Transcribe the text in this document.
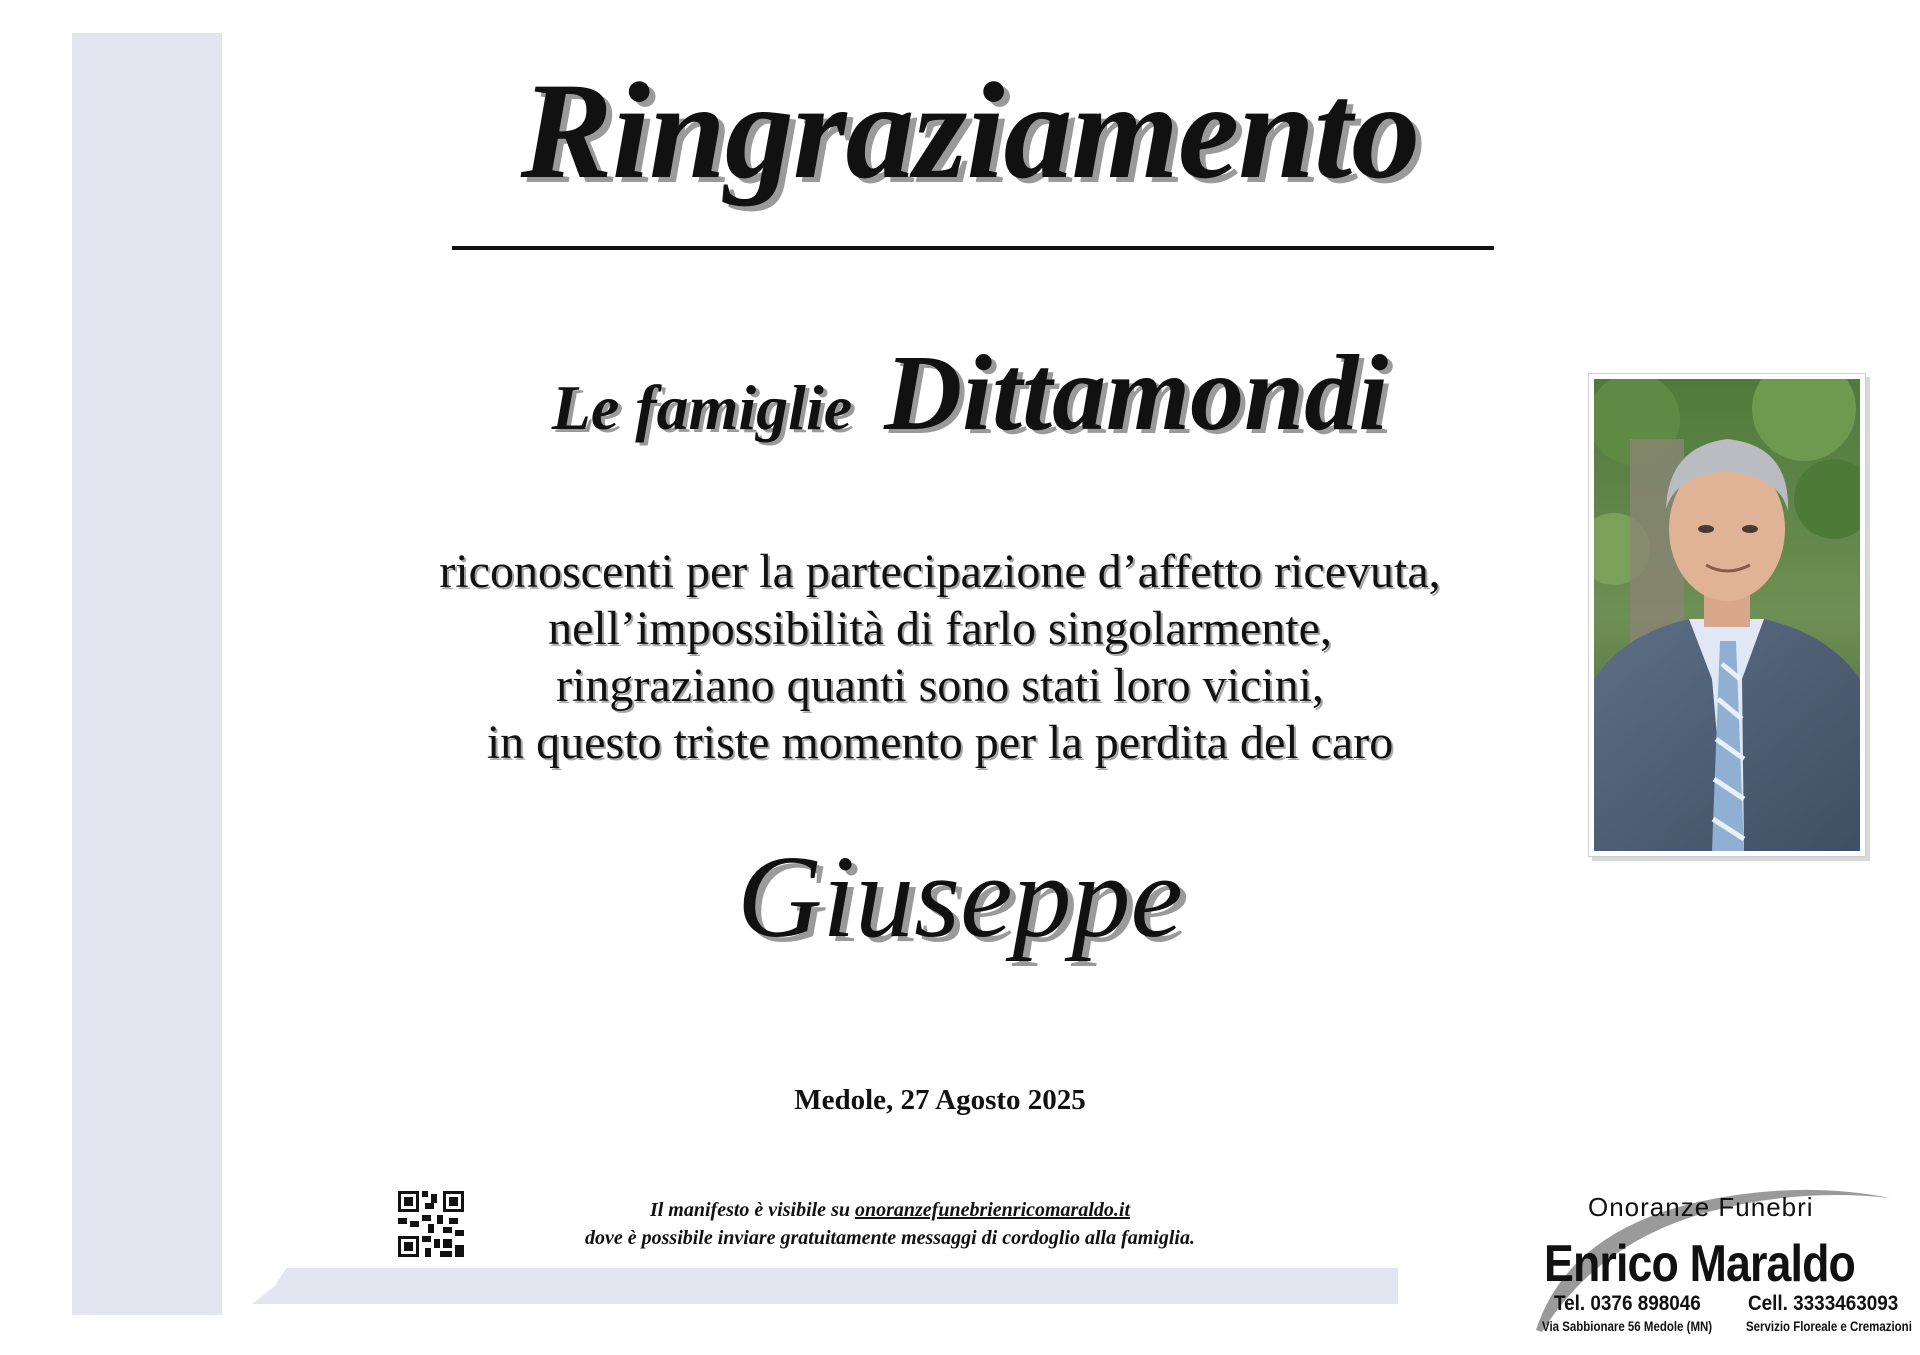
Ringraziamento
Le famiglie Dittamondi
riconoscenti per la partecipazione d’affetto ricevuta,
nell’impossibilità di farlo singolarmente,
ringraziano quanti sono stati loro vicini,
in questo triste momento per la perdita del caro
Giuseppe
Medole, 27 Agosto 2025
Il manifesto è visibile su onoranzefunebrienricomaraldo.it
dove è possibile inviare gratuitamente messaggi di cordoglio alla famiglia.
Onoranze Funebri
Enrico Maraldo
Tel. 0376 898046 Cell. 3333463093
Via Sabbionare 56 Medole (MN) Servizio Floreale e Cremazioni
